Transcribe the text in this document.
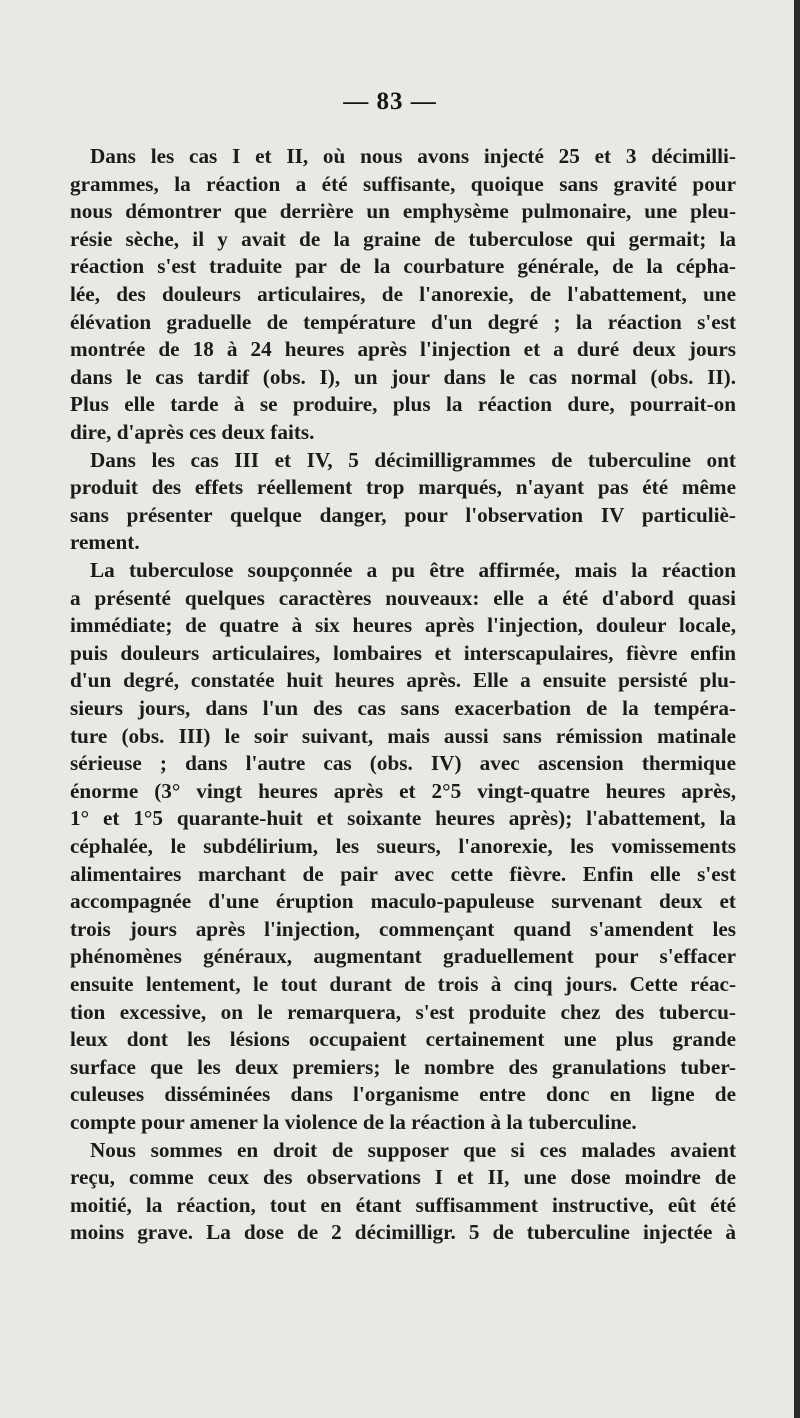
— 83 —

Dans les cas I et II, où nous avons injecté 25 et 3 décimilli-

grammes, la réaction a été suffisante, quoique sans gravité pour

nous démontrer que derrière un emphysème pulmonaire, une pleu-

résie sèche, il y avait de la graine de tuberculose qui germait; la

réaction s'est traduite par de la courbature générale, de la cépha-

lée, des douleurs articulaires, de l'anorexie, de l'abattement, une

élévation graduelle de température d'un degré ; la réaction s'est

montrée de 18 à 24 heures après l'injection et a duré deux jours

dans le cas tardif (obs. I), un jour dans le cas normal (obs. II).

Plus elle tarde à se produire, plus la réaction dure, pourrait-on

dire, d'après ces deux faits.

Dans les cas III et IV, 5 décimilligrammes de tuberculine ont

produit des effets réellement trop marqués, n'ayant pas été même

sans présenter quelque danger, pour l'observation IV particuliè-

rement.

La tuberculose soupçonnée a pu être affirmée, mais la réaction

a présenté quelques caractères nouveaux: elle a été d'abord quasi

immédiate; de quatre à six heures après l'injection, douleur locale,

puis douleurs articulaires, lombaires et interscapulaires, fièvre enfin

d'un degré, constatée huit heures après. Elle a ensuite persisté plu-

sieurs jours, dans l'un des cas sans exacerbation de la tempéra-

ture (obs. III) le soir suivant, mais aussi sans rémission matinale

sérieuse ; dans l'autre cas (obs. IV) avec ascension thermique

énorme (3° vingt heures après et 2°5 vingt-quatre heures après,

1° et 1°5 quarante-huit et soixante heures après); l'abattement, la

céphalée, le subdélirium, les sueurs, l'anorexie, les vomissements

alimentaires marchant de pair avec cette fièvre. Enfin elle s'est

accompagnée d'une éruption maculo-papuleuse survenant deux et

trois jours après l'injection, commençant quand s'amendent les

phénomènes généraux, augmentant graduellement pour s'effacer

ensuite lentement, le tout durant de trois à cinq jours. Cette réac-

tion excessive, on le remarquera, s'est produite chez des tubercu-

leux dont les lésions occupaient certainement une plus grande

surface que les deux premiers; le nombre des granulations tuber-

culeuses disséminées dans l'organisme entre donc en ligne de

compte pour amener la violence de la réaction à la tuberculine.

Nous sommes en droit de supposer que si ces malades avaient

reçu, comme ceux des observations I et II, une dose moindre de

moitié, la réaction, tout en étant suffisamment instructive, eût été

moins grave. La dose de 2 décimilligr. 5 de tuberculine injectée à
